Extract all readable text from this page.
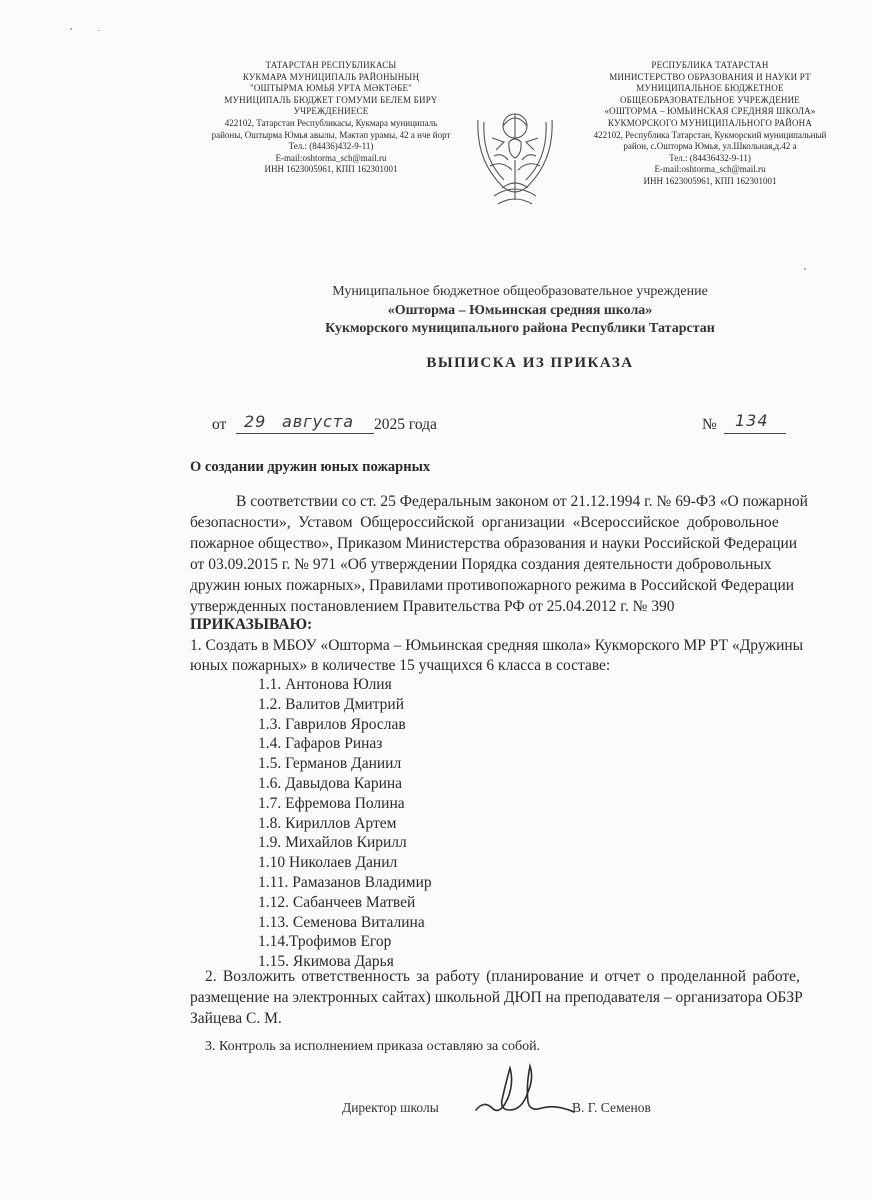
ТАТАРСТАН РЕСПУБЛИКАСЫ
КУКМАРА МУНИЦИПАЛЬ РАЙОНЫНЫҢ
"ОШТЫРМА ЮМЬЯ УРТА МӘКТӘБЕ"
МУНИЦИПАЛЬ БЮДЖЕТ ГОМУМИ БЕЛЕМ БИРҮ
УЧРЕЖДЕНИЕСЕ
422102, Татарстан Республикасы, Кукмара муниципаль
районы, Оштырма Юмья авылы, Мәктәп урамы, 42 а нче йорт
Тел.: (84436)432-9-11)
E-mail:oshtorma_sch@mail.ru
ИНН 1623005961, КПП 162301001
РЕСПУБЛИКА ТАТАРСТАН
МИНИСТЕРСТВО ОБРАЗОВАНИЯ И НАУКИ РТ
МУНИЦИПАЛЬНОЕ БЮДЖЕТНОЕ
ОБЩЕОБРАЗОВАТЕЛЬНОЕ УЧРЕЖДЕНИЕ
«ОШТОРМА – ЮМЬИНСКАЯ СРЕДНЯЯ ШКОЛА»
КУКМОРСКОГО МУНИЦИПАЛЬНОГО РАЙОНА
422102, Республика Татарстан, Кукморский муниципальный
район, с.Ошторма Юмья, ул.Школьная,д.42 а
Тел.: (84436432-9-11)
E-mail:oshtorma_sch@mail.ru
ИНН 1623005961, КПП 162301001
Муниципальное бюджетное общеобразовательное учреждение
«Ошторма – Юмьинская средняя школа»
Кукморского муниципального района Республики Татарстан
ВЫПИСКА ИЗ ПРИКАЗА
от 29 августа 2025 года	№ 134
О создании дружин юных пожарных
В соответствии со ст. 25 Федеральным законом от 21.12.1994 г. № 69-ФЗ «О пожарной
безопасности», Уставом Общероссийской организации «Всероссийское добровольное
пожарное общество», Приказом Министерства образования и науки Российской Федерации
от 03.09.2015 г. № 971 «Об утверждении Порядка создания деятельности добровольных
дружин юных пожарных», Правилами противопожарного режима в Российской Федерации
утвержденных постановлением Правительства РФ от 25.04.2012 г. № 390
ПРИКАЗЫВАЮ:
1. Создать в МБОУ «Ошторма – Юмьинская средняя школа» Кукморского МР РТ «Дружины
юных пожарных» в количестве 15 учащихся 6 класса в составе:
1.1. Антонова Юлия
1.2. Валитов Дмитрий
1.3. Гаврилов Ярослав
1.4. Гафаров Риназ
1.5. Германов Даниил
1.6. Давыдова Карина
1.7. Ефремова Полина
1.8. Кириллов Артем
1.9. Михайлов Кирилл
1.10 Николаев Данил
1.11. Рамазанов Владимир
1.12. Сабанчеев Матвей
1.13. Семенова Виталина
1.14.Трофимов Егор
1.15. Якимова Дарья
2. Возложить ответственность за работу (планирование и отчет о проделанной работе,
размещение на электронных сайтах) школьной ДЮП на преподавателя – организатора ОБЗР
Зайцева С. М.
3. Контроль за исполнением приказа оставляю за собой.
Директор школы	В. Г. Семенов
